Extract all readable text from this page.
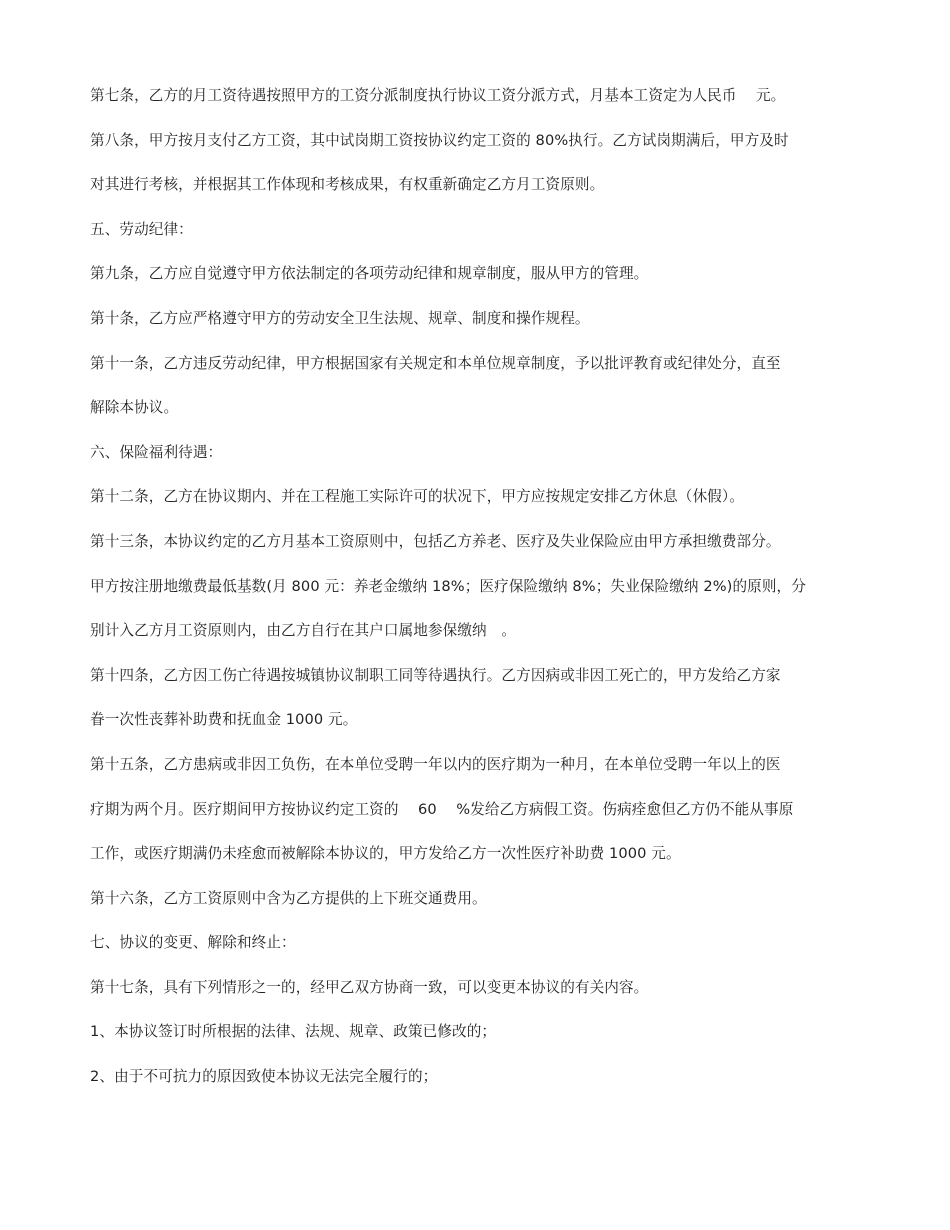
第七条，乙方的月工资待遇按照甲方的工资分派制度执行协议工资分派方式，月基本工资定为人民币　 元。
第八条，甲方按月支付乙方工资，其中试岗期工资按协议约定工资的 80%执行。乙方试岗期满后，甲方及时
对其进行考核，并根据其工作体现和考核成果，有权重新确定乙方月工资原则。
五、劳动纪律：
第九条，乙方应自觉遵守甲方依法制定的各项劳动纪律和规章制度，服从甲方的管理。
第十条，乙方应严格遵守甲方的劳动安全卫生法规、规章、制度和操作规程。
第十一条，乙方违反劳动纪律，甲方根据国家有关规定和本单位规章制度，予以批评教育或纪律处分，直至
解除本协议。
六、保险福利待遇：
第十二条，乙方在协议期内、并在工程施工实际许可的状况下，甲方应按规定安排乙方休息（休假）。
第十三条，本协议约定的乙方月基本工资原则中，包括乙方养老、医疗及失业保险应由甲方承担缴费部分。
甲方按注册地缴费最低基数(月 800 元：养老金缴纳 18%；医疗保险缴纳 8%；失业保险缴纳 2%)的原则，分
别计入乙方月工资原则内，由乙方自行在其户口属地参保缴纳　。
第十四条，乙方因工伤亡待遇按城镇协议制职工同等待遇执行。乙方因病或非因工死亡的，甲方发给乙方家
眷一次性丧葬补助费和抚血金 1000 元。
第十五条，乙方患病或非因工负伤，在本单位受聘一年以内的医疗期为一种月，在本单位受聘一年以上的医
疗期为两个月。医疗期间甲方按协议约定工资的　 60　 %发给乙方病假工资。伤病痊愈但乙方仍不能从事原
工作，或医疗期满仍未痊愈而被解除本协议的，甲方发给乙方一次性医疗补助费 1000 元。
第十六条，乙方工资原则中含为乙方提供的上下班交通费用。
七、协议的变更、解除和终止：
第十七条，具有下列情形之一的，经甲乙双方协商一致，可以变更本协议的有关内容。
1、本协议签订时所根据的法律、法规、规章、政策已修改的；
2、由于不可抗力的原因致使本协议无法完全履行的；
